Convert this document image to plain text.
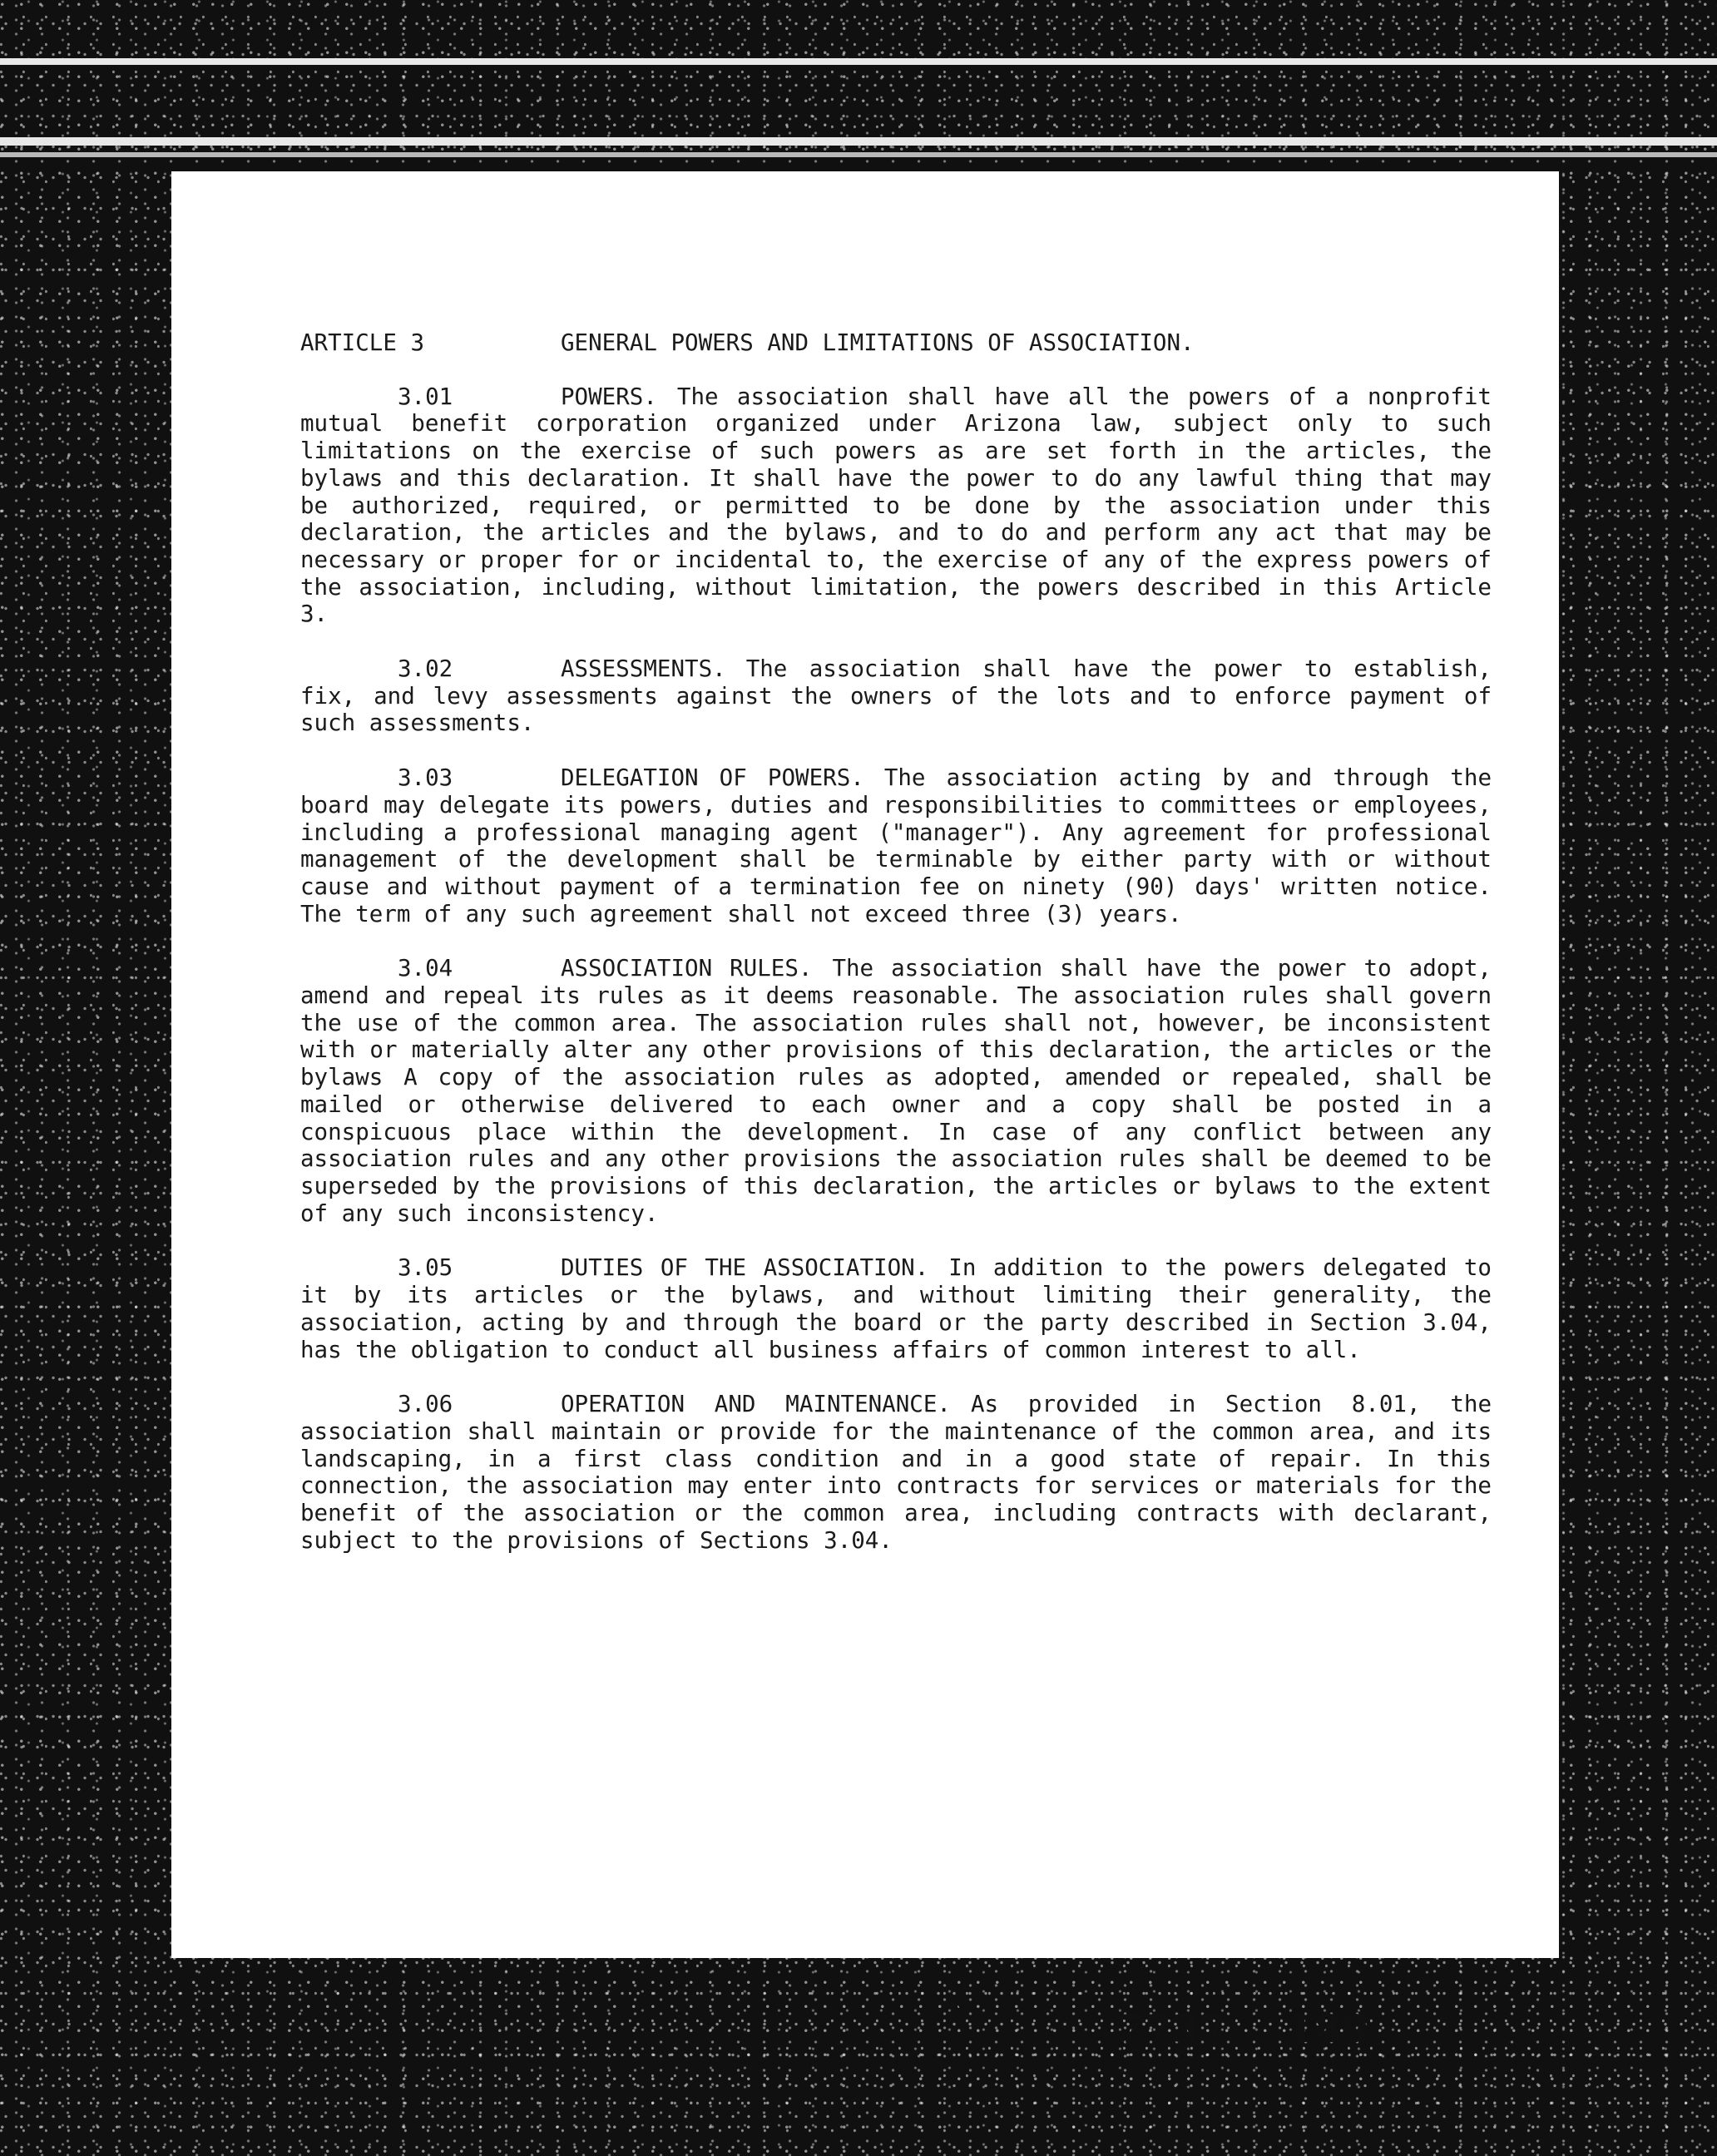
ARTICLE 3	GENERAL POWERS AND LIMITATIONS OF ASSOCIATION.

3.01	POWERS. The association shall have all the powers of a nonprofit mutual benefit corporation organized under Arizona law, subject only to such limitations on the exercise of such powers as are set forth in the articles, the bylaws and this declaration. It shall have the power to do any lawful thing that may be authorized, required, or permitted to be done by the association under this declaration, the articles and the bylaws, and to do and perform any act that may be necessary or proper for or incidental to, the exercise of any of the express powers of the association, including, without limitation, the powers described in this Article 3.

3.02	ASSESSMENTS. The association shall have the power to establish, fix, and levy assessments against the owners of the lots and to enforce payment of such assessments.

3.03	DELEGATION OF POWERS. The association acting by and through the board may delegate its powers, duties and responsibilities to committees or employees, including a professional managing agent ("manager"). Any agreement for professional management of the development shall be terminable by either party with or without cause and without payment of a termination fee on ninety (90) days' written notice. The term of any such agreement shall not exceed three (3) years.

3.04	ASSOCIATION RULES. The association shall have the power to adopt, amend and repeal its rules as it deems reasonable. The association rules shall govern the use of the common area. The association rules shall not, however, be inconsistent with or materially alter any other provisions of this declaration, the articles or the bylaws A copy of the association rules as adopted, amended or repealed, shall be mailed or otherwise delivered to each owner and a copy shall be posted in a conspicuous place within the development. In case of any conflict between any association rules and any other provisions the association rules shall be deemed to be superseded by the provisions of this declaration, the articles or bylaws to the extent of any such inconsistency.

3.05	DUTIES OF THE ASSOCIATION. In addition to the powers delegated to it by its articles or the bylaws, and without limiting their generality, the association, acting by and through the board or the party described in Section 3.04, has the obligation to conduct all business affairs of common interest to all.

3.06	OPERATION AND MAINTENANCE. As provided in Section 8.01, the association shall maintain or provide for the maintenance of the common area, and its landscaping, in a first class condition and in a good state of repair. In this connection, the association may enter into contracts for services or materials for the benefit of the association or the common area, including contracts with declarant, subject to the provisions of Sections 3.04.

6	7737 189
